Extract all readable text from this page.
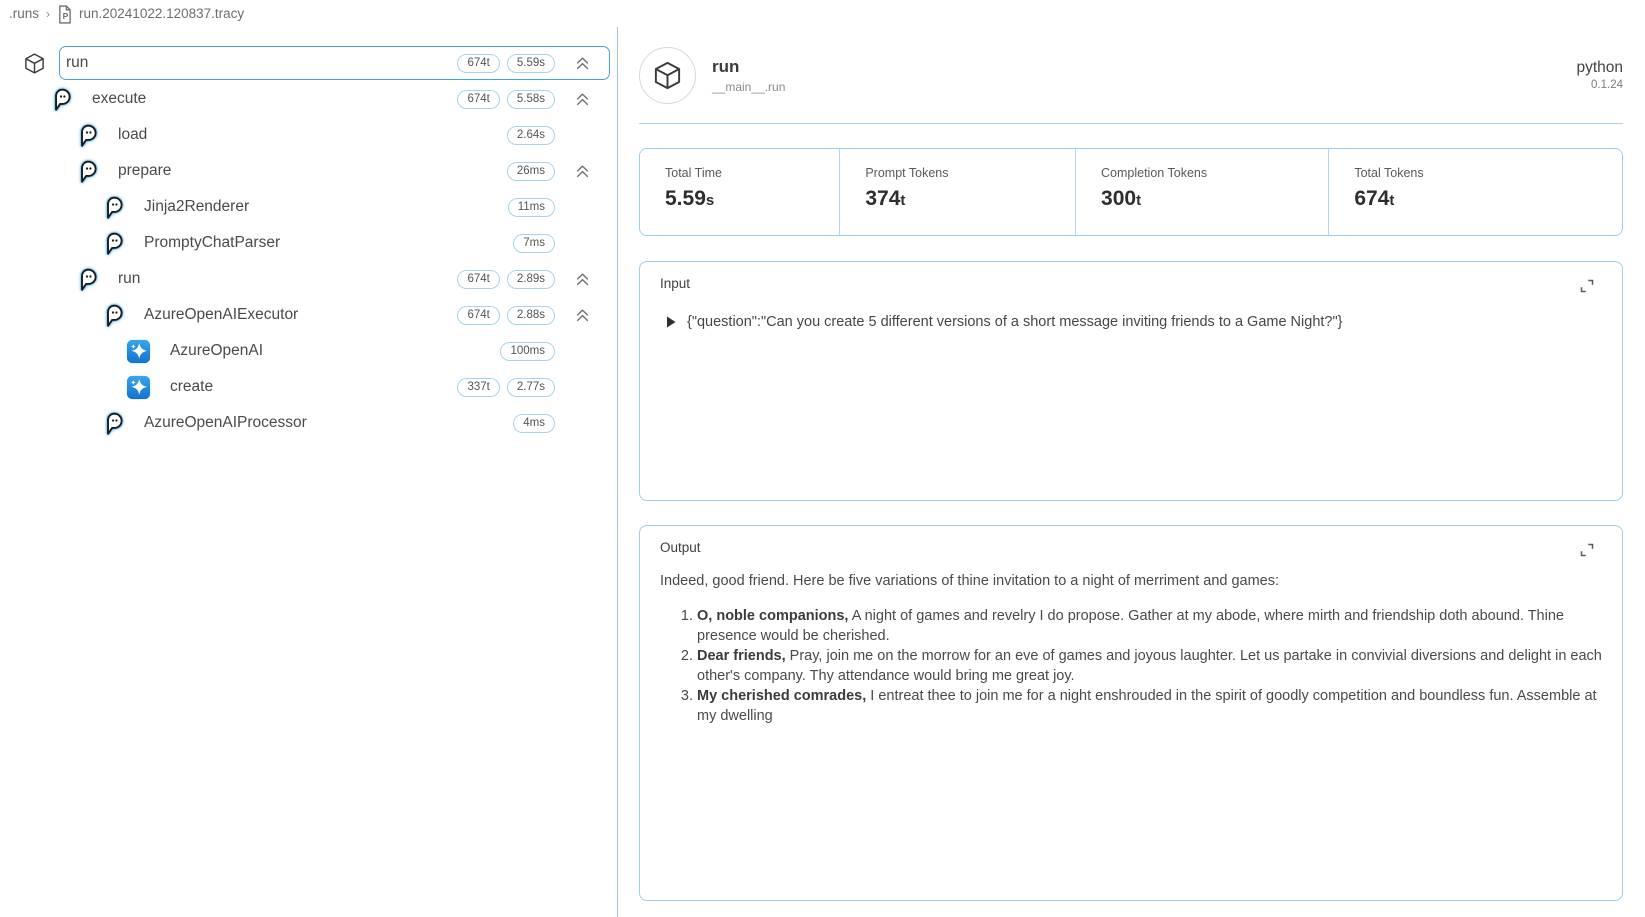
.runs › P run.20241022.120837.tracy
run	674t	5.59s
execute	674t	5.58s
load	2.64s
prepare	26ms
Jinja2Renderer	11ms
PromptyChatParser	7ms
run	674t	2.89s
AzureOpenAIExecutor	674t	2.88s
AzureOpenAI	100ms
create	337t	2.77s
AzureOpenAIProcessor	4ms
run
__main__.run
python
0.1.24
Total Time
5.59s
Prompt Tokens
374t
Completion Tokens
300t
Total Tokens
674t
Input
{"question":"Can you create 5 different versions of a short message inviting friends to a Game Night?"}
Output
Indeed, good friend. Here be five variations of thine invitation to a night of merriment and games:
1. O, noble companions, A night of games and revelry I do propose. Gather at my abode, where mirth and friendship doth abound. Thine presence would be cherished.
2. Dear friends, Pray, join me on the morrow for an eve of games and joyous laughter. Let us partake in convivial diversions and delight in each other's company. Thy attendance would bring me great joy.
3. My cherished comrades, I entreat thee to join me for a night enshrouded in the spirit of goodly competition and boundless fun. Assemble at my dwelling
